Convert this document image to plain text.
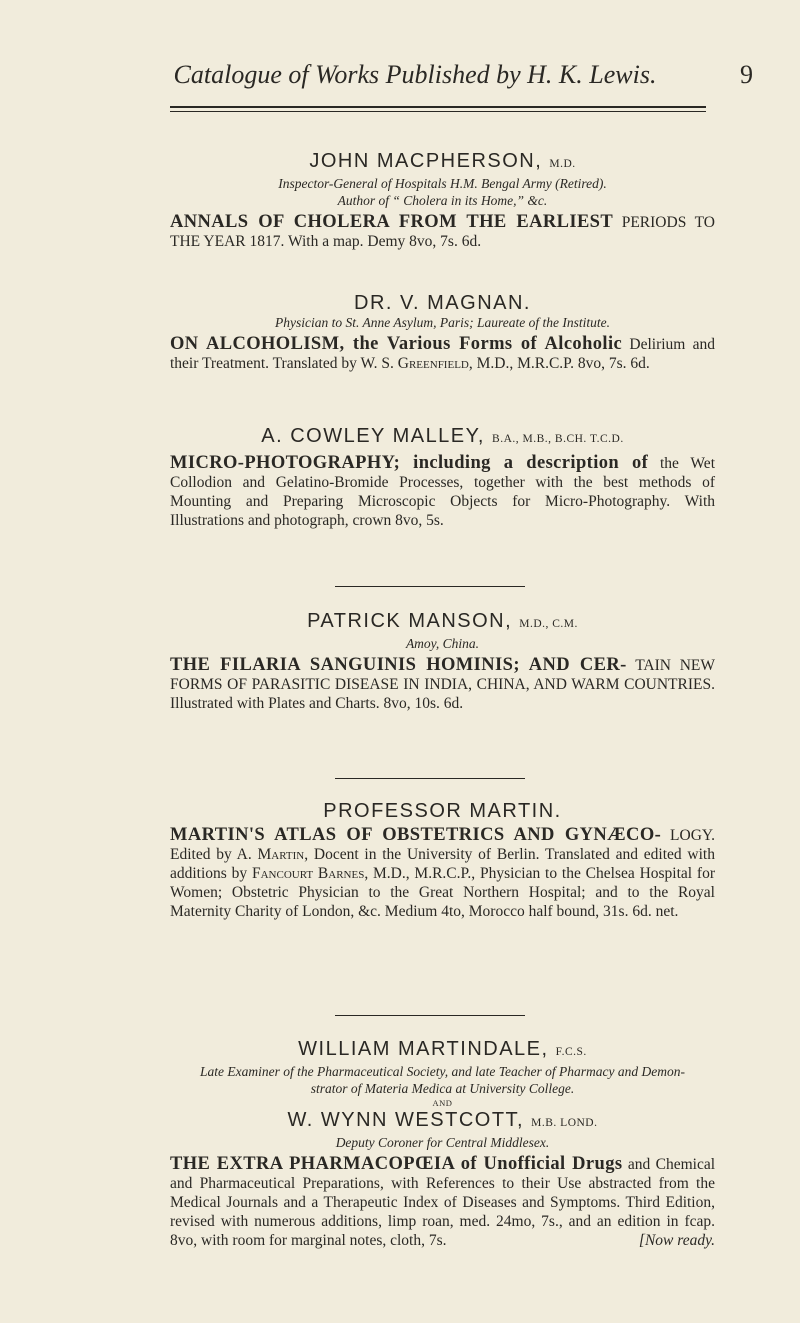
Catalogue of Works Published by H. K. Lewis.	9
JOHN MACPHERSON, M.D.
Inspector-General of Hospitals H.M. Bengal Army (Retired).
Author of “ Cholera in its Home,” &c.
ANNALS OF CHOLERA FROM THE EARLIEST PERIODS TO THE YEAR 1817. With a map. Demy 8vo, 7s. 6d.
DR. V. MAGNAN.
Physician to St. Anne Asylum, Paris; Laureate of the Institute.
ON ALCOHOLISM, the Various Forms of Alcoholic Delirium and their Treatment. Translated by W. S. Greenfield, M.D., M.R.C.P. 8vo, 7s. 6d.
A. COWLEY MALLEY, B.A., M.B., B.CH. T.C.D.
MICRO-PHOTOGRAPHY; including a description of the Wet Collodion and Gelatino-Bromide Processes, together with the best methods of Mounting and Preparing Microscopic Objects for Micro-Photography. With Illustrations and photograph, crown 8vo, 5s.
PATRICK MANSON, M.D., C.M.
Amoy, China.
THE FILARIA SANGUINIS HOMINIS; AND CER- TAIN NEW FORMS OF PARASITIC DISEASE IN INDIA, CHINA, AND WARM COUNTRIES. Illustrated with Plates and Charts. 8vo, 10s. 6d.
PROFESSOR MARTIN.
MARTIN'S ATLAS OF OBSTETRICS AND GYNÆCO- LOGY. Edited by A. Martin, Docent in the University of Berlin. Translated and edited with additions by Fancourt Barnes, M.D., M.R.C.P., Physician to the Chelsea Hospital for Women; Obstetric Physician to the Great Northern Hospital; and to the Royal Maternity Charity of London, &c. Medium 4to, Morocco half bound, 31s. 6d. net.
WILLIAM MARTINDALE, F.C.S.
Late Examiner of the Pharmaceutical Society, and late Teacher of Pharmacy and Demon-
strator of Materia Medica at University College.
AND
W. WYNN WESTCOTT, M.B. LOND.
Deputy Coroner for Central Middlesex.
THE EXTRA PHARMACOPŒIA of Unofficial Drugs and Chemical and Pharmaceutical Preparations, with References to their Use abstracted from the Medical Journals and a Therapeutic Index of Diseases and Symptoms. Third Edition, revised with numerous additions, limp roan, med. 24mo, 7s., and an edition in fcap. 8vo, with room for marginal notes, cloth, 7s.	[Now ready.
